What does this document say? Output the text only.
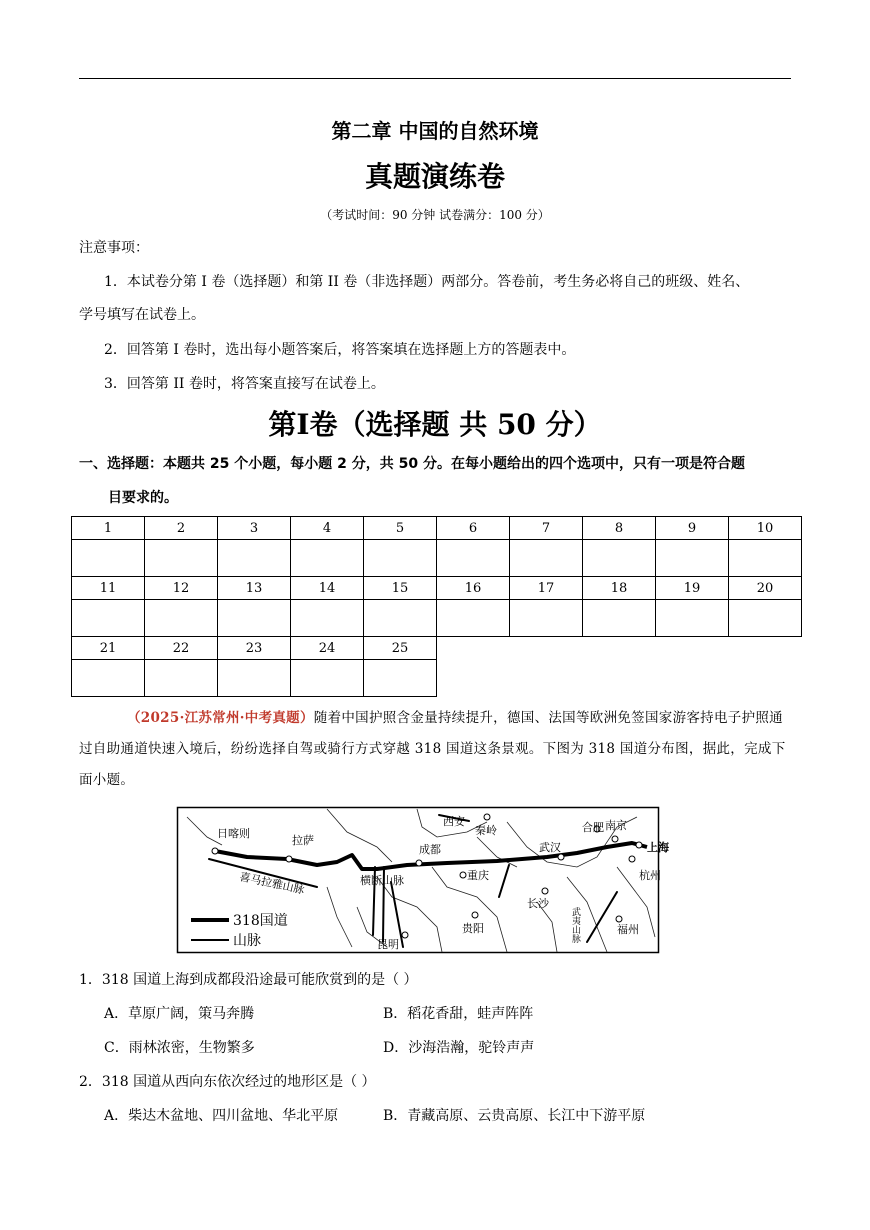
第二章 中国的自然环境
真题演练卷
（考试时间：90 分钟 试卷满分：100 分）
注意事项：
1．本试卷分第 I 卷（选择题）和第 II 卷（非选择题）两部分。答卷前，考生务必将自己的班级、姓名、
学号填写在试卷上。
2．回答第 I 卷时，选出每小题答案后，将答案填在选择题上方的答题表中。
3．回答第 II 卷时，将答案直接写在试卷上。
第Ⅰ卷（选择题 共 50 分）
一、选择题：本题共 25 个小题，每小题 2 分，共 50 分。在每小题给出的四个选项中，只有一项是符合题
目要求的。
1	2	3	4	5	6	7	8	9	10

11	12	13	14	15	16	17	18	19	20

21	22	23	24	25					

（2025·江苏常州·中考真题）随着中国护照含金量持续提升，德国、法国等欧洲免签国家游客持电子护照通过自助通道快速入境后，纷纷选择自驾或骑行方式穿越 318 国道这条景观。下图为 318 国道分布图，据此，完成下面小题。
日喀则
拉萨
喜马拉雅山脉
西安
秦岭
成都
横断山脉	重庆
武汉
合肥 南京
上海
杭州
长沙
贵阳
昆明
福州
武夷山脉
318国道
山脉
1．318 国道上海到成都段沿途最可能欣赏到的是（ ）
A．草原广阔，策马奔腾	B．稻花香甜，蛙声阵阵
C．雨林浓密，生物繁多	D．沙海浩瀚，驼铃声声
2．318 国道从西向东依次经过的地形区是（ ）
A．柴达木盆地、四川盆地、华北平原	B．青藏高原、云贵高原、长江中下游平原
